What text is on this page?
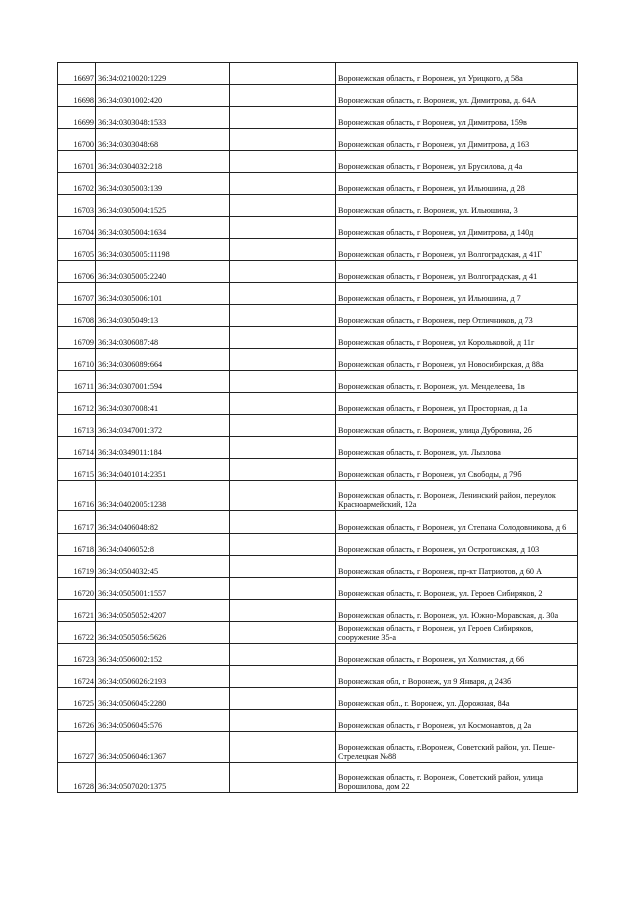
16697	36:34:0210020:1229		Воронежская область, г Воронеж, ул Урицкого, д 58а
16698	36:34:0301002:420		Воронежская область, г. Воронеж, ул. Димитрова, д. 64А
16699	36:34:0303048:1533		Воронежская область, г Воронеж, ул Димитрова, 159в
16700	36:34:0303048:68		Воронежская область, г Воронеж, ул Димитрова, д 163
16701	36:34:0304032:218		Воронежская область, г Воронеж, ул Брусилова, д 4а
16702	36:34:0305003:139		Воронежская область, г Воронеж, ул Ильюшина, д 28
16703	36:34:0305004:1525		Воронежская область, г. Воронеж, ул. Ильюшина, 3
16704	36:34:0305004:1634		Воронежская область, г Воронеж, ул Димитрова, д 140д
16705	36:34:0305005:11198		Воронежская область, г Воронеж, ул Волгоградская, д 41Г
16706	36:34:0305005:2240		Воронежская область, г Воронеж, ул Волгоградская, д 41
16707	36:34:0305006:101		Воронежская область, г Воронеж, ул Ильюшина, д 7
16708	36:34:0305049:13		Воронежская область, г Воронеж, пер Отличников, д 73
16709	36:34:0306087:48		Воронежская область, г Воронеж, ул Корольковой, д 11г
16710	36:34:0306089:664		Воронежская область, г Воронеж, ул Новосибирская, д 88а
16711	36:34:0307001:594		Воронежская область, г. Воронеж, ул. Менделеева, 1в
16712	36:34:0307008:41		Воронежская область, г Воронеж, ул Просторная, д 1а
16713	36:34:0347001:372		Воронежская область, г. Воронеж, улица Дубровина, 2б
16714	36:34:0349011:184		Воронежская область, г. Воронеж, ул. Лызлова
16715	36:34:0401014:2351		Воронежская область, г Воронеж, ул Свободы, д 79б
16716	36:34:0402005:1238		Воронежская область, г. Воронеж, Ленинский район, переулок Красноармейский, 12а
16717	36:34:0406048:82		Воронежская область, г Воронеж, ул Степана Солодовникова, д 6
16718	36:34:0406052:8		Воронежская область, г Воронеж, ул Острогожская, д 103
16719	36:34:0504032:45		Воронежская область, г Воронеж, пр-кт Патриотов, д 60 А
16720	36:34:0505001:1557		Воронежская область, г. Воронеж, ул. Героев Сибиряков, 2
16721	36:34:0505052:4207		Воронежская область, г. Воронеж, ул. Южно-Моравская, д. 30а
16722	36:34:0505056:5626		Воронежская область, г Воронеж, ул Героев Сибиряков, сооружение 35-а
16723	36:34:0506002:152		Воронежская область, г Воронеж, ул Холмистая, д 66
16724	36:34:0506026:2193		Воронежская обл, г Воронеж, ул 9 Января, д 243б
16725	36:34:0506045:2280		Воронежская обл., г. Воронеж, ул. Дорожная, 84а
16726	36:34:0506045:576		Воронежская область, г Воронеж, ул Космонавтов, д 2а
16727	36:34:0506046:1367		Воронежская область, г.Воронеж, Советский район, ул. Пеше-Стрелецкая №88
16728	36:34:0507020:1375		Воронежская область, г. Воронеж, Советский район, улица Ворошилова, дом 22
